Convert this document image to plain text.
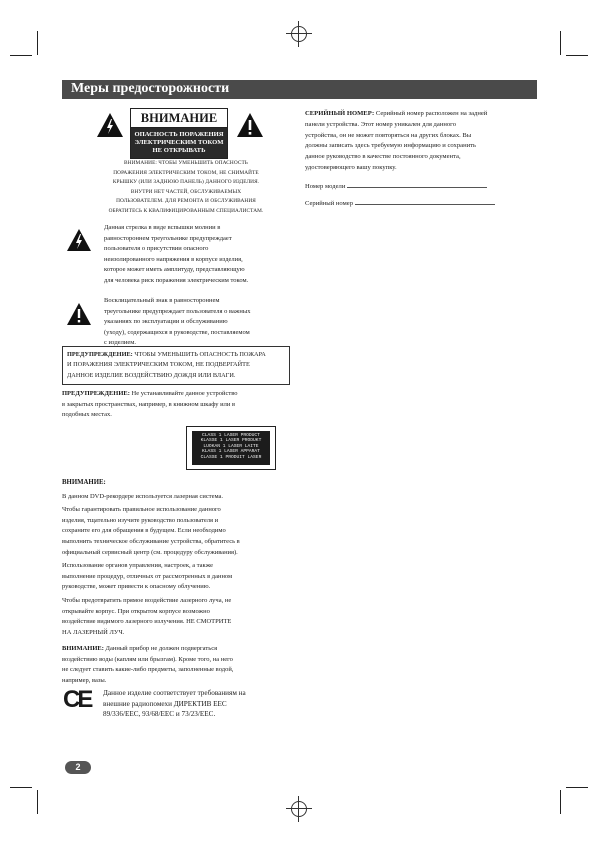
Меры предосторожности
ВНИМАНИЕ
ОПАСНОСТЬ ПОРАЖЕНИЯ
ЭЛЕКТРИЧЕСКИМ ТОКОМ
НЕ ОТКРЫВАТЬ
ВНИМАНИЕ: ЧТОБЫ УМЕНЬШИТЬ ОПАСНОСТЬ
ПОРАЖЕНИЯ ЭЛЕКТРИЧЕСКИМ ТОКОМ, НЕ СНИМАЙТЕ
КРЫШКУ (ИЛИ ЗАДНЮЮ ПАНЕЛЬ) ДАННОГО ИЗДЕЛИЯ.
ВНУТРИ НЕТ ЧАСТЕЙ, ОБСЛУЖИВАЕМЫХ
ПОЛЬЗОВАТЕЛЕМ. ДЛЯ РЕМОНТА И ОБСЛУЖИВАНИЯ
ОБРАТИТЕСЬ К КВАЛИФИЦИРОВАННЫМ СПЕЦИАЛИСТАМ.
Данная стрелка в виде вспышки молнии в
равностороннем треугольнике предупреждает
пользователя о присутствии опасного
неизолированного напряжения в корпусе изделия,
которое может иметь амплитуду, представляющую
для человека риск поражения электрическим током.
Восклицательный знак в равностороннем
треугольнике предупреждает пользователя о важных
указаниях по эксплуатации и обслуживанию
(уходу), содержащихся в руководстве, поставляемом
с изделием.
ПРЕДУПРЕЖДЕНИЕ: ЧТОБЫ УМЕНЬШИТЬ ОПАСНОСТЬ ПОЖАРА
И ПОРАЖЕНИЯ ЭЛЕКТРИЧЕСКИМ ТОКОМ, НЕ ПОДВЕРГАЙТЕ
ДАННОЕ ИЗДЕЛИЕ ВОЗДЕЙСТВИЮ ДОЖДЯ ИЛИ ВЛАГИ.
ПРЕДУПРЕЖДЕНИЕ: Не устанавливайте данное устройство
в закрытых пространствах, например, в книжном шкафу или в
подобных местах.
CLASS 1 LASER PRODUCT
KLASSE 1 LASER PRODUKT
LUOKAN 1 LASER LAITE
KLASS 1 LASER APPARAT
CLASSE 1 PRODUIT LASER
ВНИМАНИЕ:
В данном DVD-рекордере используется лазерная система.
Чтобы гарантировать правильное использование данного
изделия, тщательно изучите руководство пользователя и
сохраните его для обращения в будущем. Если необходимо
выполнить техническое обслуживание устройства, обратитесь в
официальный сервисный центр (см. процедуру обслуживания).
Использование органов управления, настроек, а также
выполнение процедур, отличных от рассмотренных в данном
руководстве, может привести к опасному облучению.
Чтобы предотвратить прямое воздействие лазерного луча, не
открывайте корпус. При открытом корпусе возможно
воздействие видимого лазерного излучения. НЕ СМОТРИТЕ
НА ЛАЗЕРНЫЙ ЛУЧ.
ВНИМАНИЕ: Данный прибор не должен подвергаться
воздействию воды (каплям или брызгам). Кроме того, на него
не следует ставить какие-либо предметы, заполненные водой,
например, вазы.
CE Данное изделие соответствует требованиям на
внешние радиопомехи ДИРЕКТИВ ЕЕС
89/336/EEC, 93/68/EEC и 73/23/EEC.
СЕРИЙНЫЙ НОМЕР: Серийный номер расположен на задней
панели устройства. Этот номер уникален для данного
устройства, он не может повторяться на других блоках. Вы
должны записать здесь требуемую информацию и сохранить
данное руководство в качестве постоянного документа,
удостоверяющего вашу покупку.
Номер модели
Серийный номер
2
